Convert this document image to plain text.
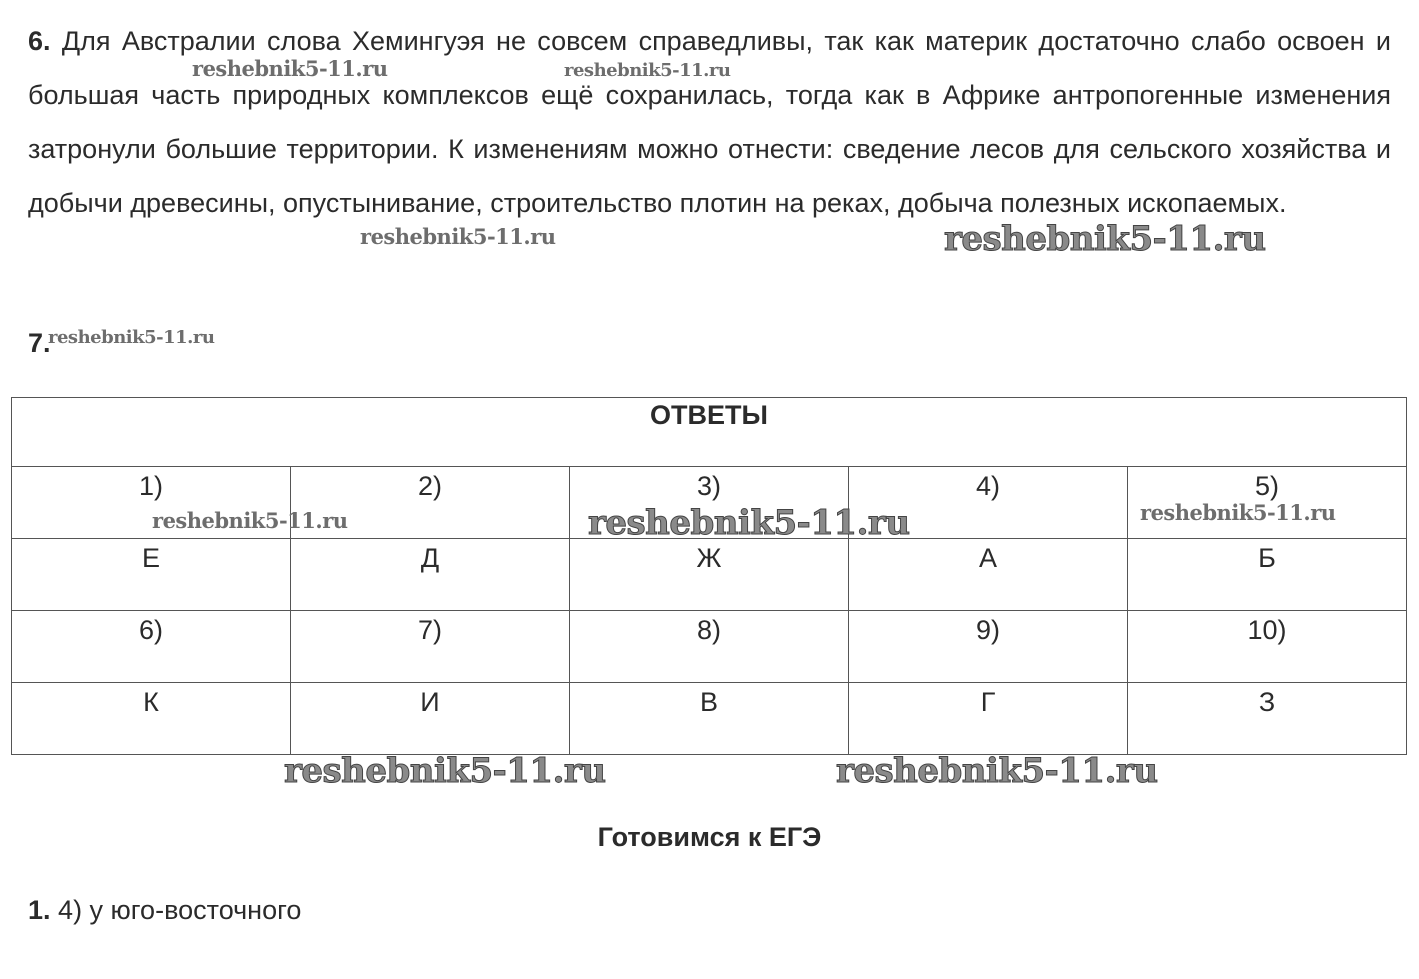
6. Для Австралии слова Хемингуэя не совсем справедливы, так как материк достаточно слабо освоен и большая часть природных комплексов ещё сохранилась, тогда как в Африке антропогенные изменения затронули большие территории. К изменениям можно отнести: сведение лесов для сельского хозяйства и добычи древесины, опустынивание, строительство плотин на реках, добыча полезных ископаемых.

7.
ОТВЕТЫ				
1)	2)	3)	4)	5)
Е	Д	Ж	А	Б
6)	7)	8)	9)	10)
К	И	В	Г	З
Готовимся к ЕГЭ
1. 4) у юго-восточного
reshebnik5-11.ru	reshebnik5-11.ru
reshebnik5-11.ru	reshebnik5-11.ru
reshebnik5-11.ru
reshebnik5-11.ru	reshebnik5-11.ru	reshebnik5-11.ru
reshebnik5-11.ru	reshebnik5-11.ru
